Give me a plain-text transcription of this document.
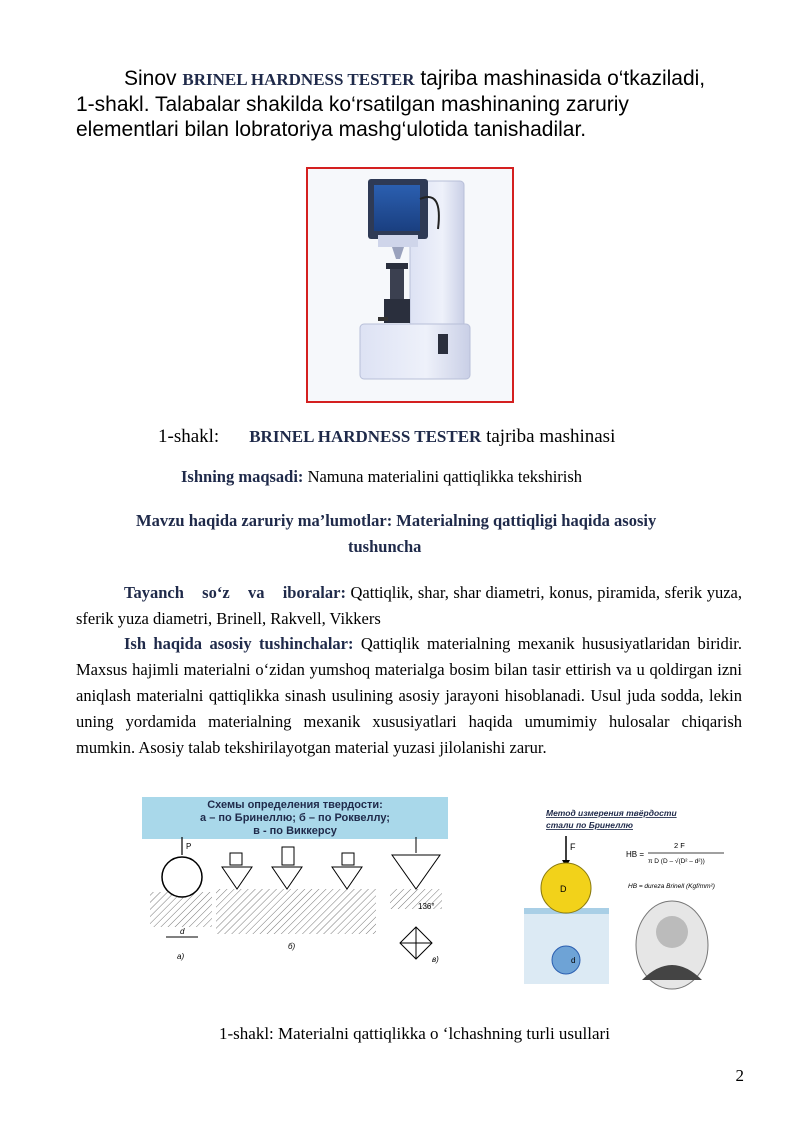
Sinov BRINEL HARDNESS TESTER tajriba mashinasida o‘tkaziladi, 1-shakl. Talabalar shakilda ko‘rsatilgan mashinaning zaruriy elementlari bilan lobratoriya mashg‘ulotida tanishadilar.
1-shakl: BRINEL HARDNESS TESTER tajriba mashinasi
Ishning maqsadi: Namuna materialini qattiqlikka tekshirish
Mavzu haqida zaruriy ma’lumotlar: Materialning qattiqligi haqida asosiy
tushuncha
Tayanch    so‘z    va    iboralar: Qattiqlik, shar, shar diametri, konus, piramida, sferik yuza, sferik yuza diametri, Brinell, Rakvell, Vikkers
Ish haqida asosiy tushinchalar: Qattiqlik materialning mexanik hususiyatlaridan biridir. Maxsus hajimli materialni o‘zidan yumshoq materialga bosim bilan tasir ettirish va u qoldirgan izni aniqlash materialni qattiqlikka sinash usulining asosiy jarayoni hisoblanadi. Usul juda sodda, lekin uning yordamida materialning mexanik xususiyatlari haqida umumimiy hulosalar chiqarish mumkin. Asosiy talab tekshirilayotgan material yuzasi jilolanishi zarur.
Схемы определения твердости:
а – по Бринеллю; б – по Роквеллу;
в - по Виккерсу
P
d
а)
б)
136°
в)
Метод измерения твёрдости
стали по Бринеллю
F
HB =
2 F
π D (D – √(D² – d²))
HB = dureza Brinell (Kgf/mm²)
D
d
1-shakl: Materialni qattiqlikka o ‘lchashning turli usullari
2
